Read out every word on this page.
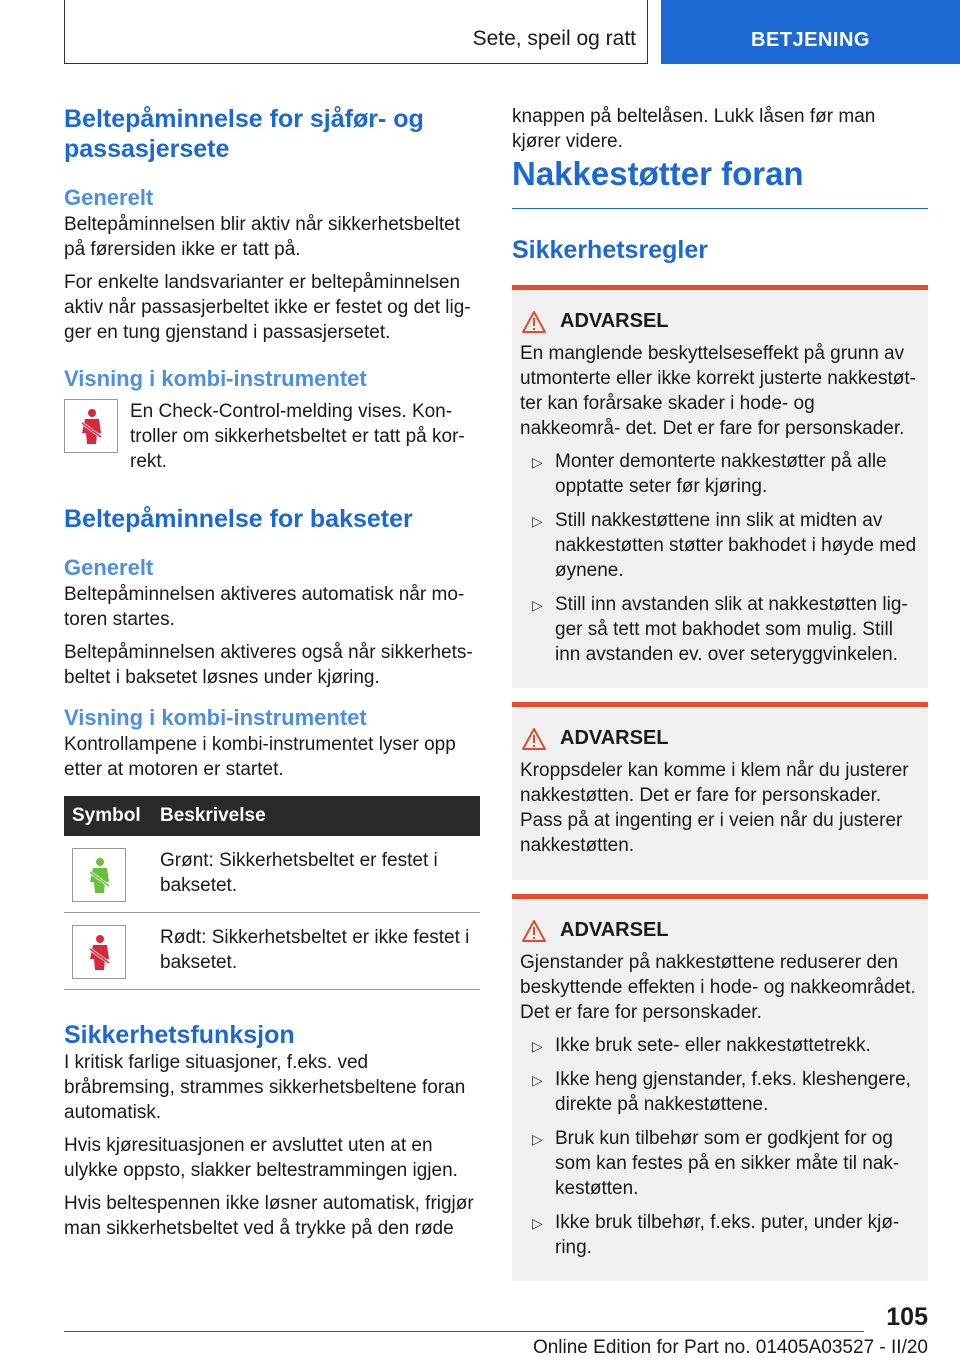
Sete, speil og ratt	BETJENING
Beltepåminnelse for sjåfør- og passasjersete
Generelt

Beltepåminnelsen blir aktiv når sikkerhetsbeltet på førersiden ikke er tatt på.

For enkelte landsvarianter er beltepåminnelsen aktiv når passasjerbeltet ikke er festet og det lig‐ ger en tung gjenstand i passasjersetet.

Visning i kombi-instrumentet

En Check-Control-melding vises. Kon‐ troller om sikkerhetsbeltet er tatt på kor‐ rekt.

Beltepåminnelse for bakseter
Generelt

Beltepåminnelsen aktiveres automatisk når mo‐ toren startes.

Beltepåminnelsen aktiveres også når sikkerhets‐ beltet i baksetet løsnes under kjøring.

Visning i kombi-instrumentet

Kontrollampene i kombi-instrumentet lyser opp etter at motoren er startet.

Symbol	Beskrivelse

	Grønt: Sikkerhetsbeltet er festet i baksetet.

	Rødt: Sikkerhetsbeltet er ikke festet i baksetet.
Sikkerhetsfunksjon

I kritisk farlige situasjoner, f.eks. ved bråbremsing, strammes sikkerhetsbeltene foran automatisk.

Hvis kjøresituasjonen er avsluttet uten at en ulykke oppsto, slakker beltestrammingen igjen.

Hvis beltespennen ikke løsner automatisk, frigjør man sikkerhetsbeltet ved å trykke på den røde

knappen på beltelåsen. Lukk låsen før man kjører videre.

Nakkestøtter foran
Sikkerhetsregler
ADVARSEL
En manglende beskyttelseseffekt på grunn av utmonterte eller ikke korrekt justerte nakkestøt‐ ter kan forårsake skader i hode- og nakkeområ‐ det. Det er fare for personskader.
▷ Monter demonterte nakkestøtter på alle opptatte seter før kjøring.
▷ Still nakkestøttene inn slik at midten av nakkestøtten støtter bakhodet i høyde med øynene.
▷ Still inn avstanden slik at nakkestøtten lig‐ ger så tett mot bakhodet som mulig. Still inn avstanden ev. over seteryggvinkelen.
ADVARSEL
Kroppsdeler kan komme i klem når du justerer nakkestøtten. Det er fare for personskader. Pass på at ingenting er i veien når du justerer nakkestøtten.
ADVARSEL
Gjenstander på nakkestøttene reduserer den beskyttende effekten i hode- og nakkeområdet. Det er fare for personskader.
▷ Ikke bruk sete- eller nakkestøttetrekk.
▷ Ikke heng gjenstander, f.eks. kleshengere, direkte på nakkestøttene.
▷ Bruk kun tilbehør som er godkjent for og som kan festes på en sikker måte til nak‐ kestøtten.
▷ Ikke bruk tilbehør, f.eks. puter, under kjø‐ ring.
105
Online Edition for Part no. 01405A03527 - II/20
